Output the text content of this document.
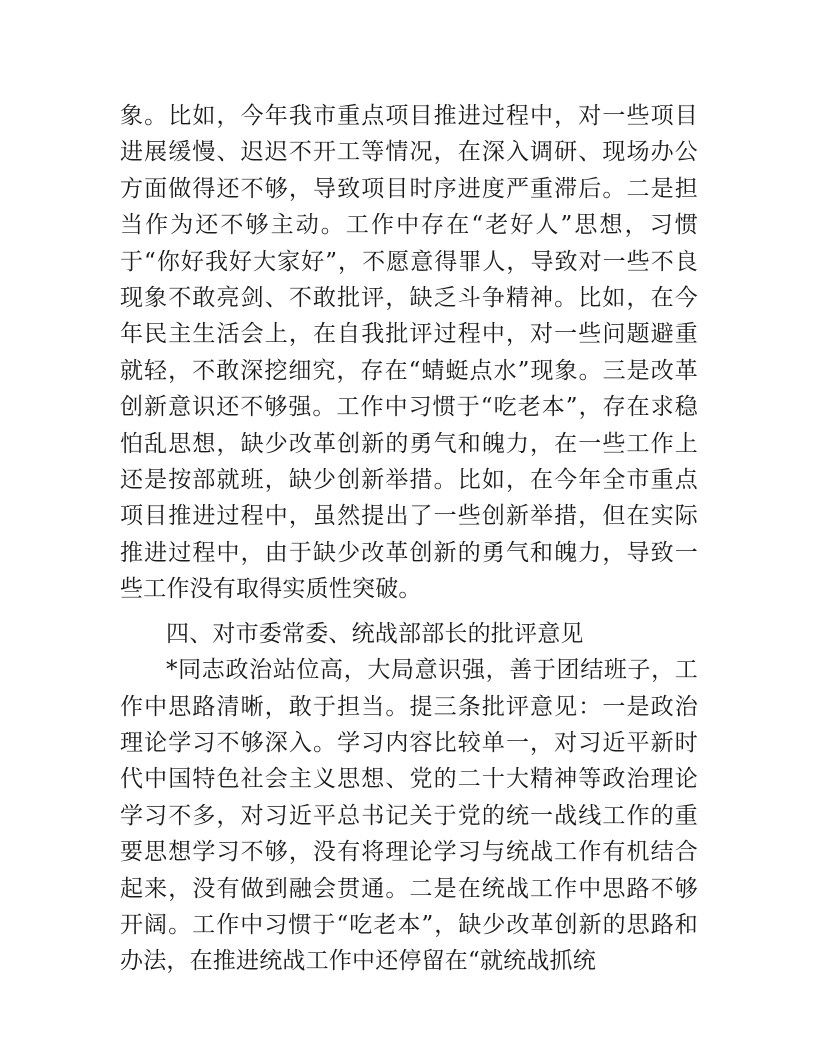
象。比如，今年我市重点项目推进过程中，对一些项目进展缓慢、迟迟不开工等情况，在深入调研、现场办公方面做得还不够，导致项目时序进度严重滞后。二是担当作为还不够主动。工作中存在“老好人”思想，习惯于“你好我好大家好”，不愿意得罪人，导致对一些不良现象不敢亮剑、不敢批评，缺乏斗争精神。比如，在今年民主生活会上，在自我批评过程中，对一些问题避重就轻，不敢深挖细究，存在“蜻蜓点水”现象。三是改革创新意识还不够强。工作中习惯于“吃老本”，存在求稳怕乱思想，缺少改革创新的勇气和魄力，在一些工作上还是按部就班，缺少创新举措。比如，在今年全市重点项目推进过程中，虽然提出了一些创新举措，但在实际推进过程中，由于缺少改革创新的勇气和魄力，导致一些工作没有取得实质性突破。

四、对市委常委、统战部部长的批评意见

*同志政治站位高，大局意识强，善于团结班子，工作中思路清晰，敢于担当。提三条批评意见：一是政治理论学习不够深入。学习内容比较单一，对习近平新时代中国特色社会主义思想、党的二十大精神等政治理论学习不多，对习近平总书记关于党的统一战线工作的重要思想学习不够，没有将理论学习与统战工作有机结合起来，没有做到融会贯通。二是在统战工作中思路不够开阔。工作中习惯于“吃老本”，缺少改革创新的思路和办法，在推进统战工作中还停留在“就统战抓统
